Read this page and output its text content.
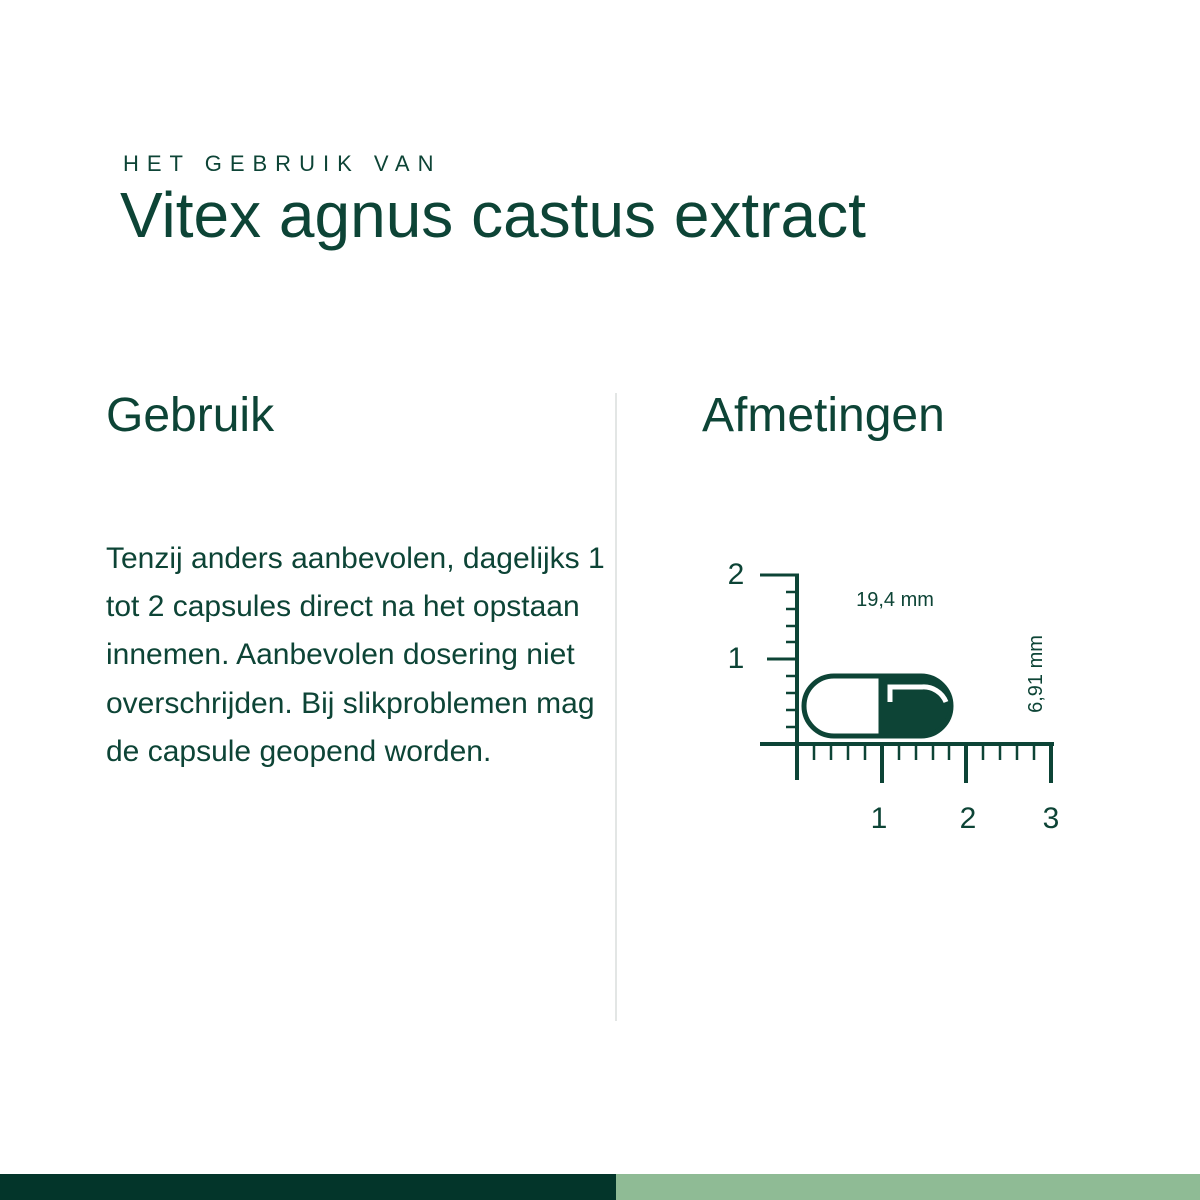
HET GEBRUIK VAN
Vitex agnus castus extract
Gebruik	Afmetingen
Tenzij anders aanbevolen, dagelijks 1 tot 2 capsules direct na het opstaan innemen. Aanbevolen dosering niet overschrijden. Bij slikproblemen mag de capsule geopend worden.
2
1
1 2 3
19,4 mm
6,91 mm
